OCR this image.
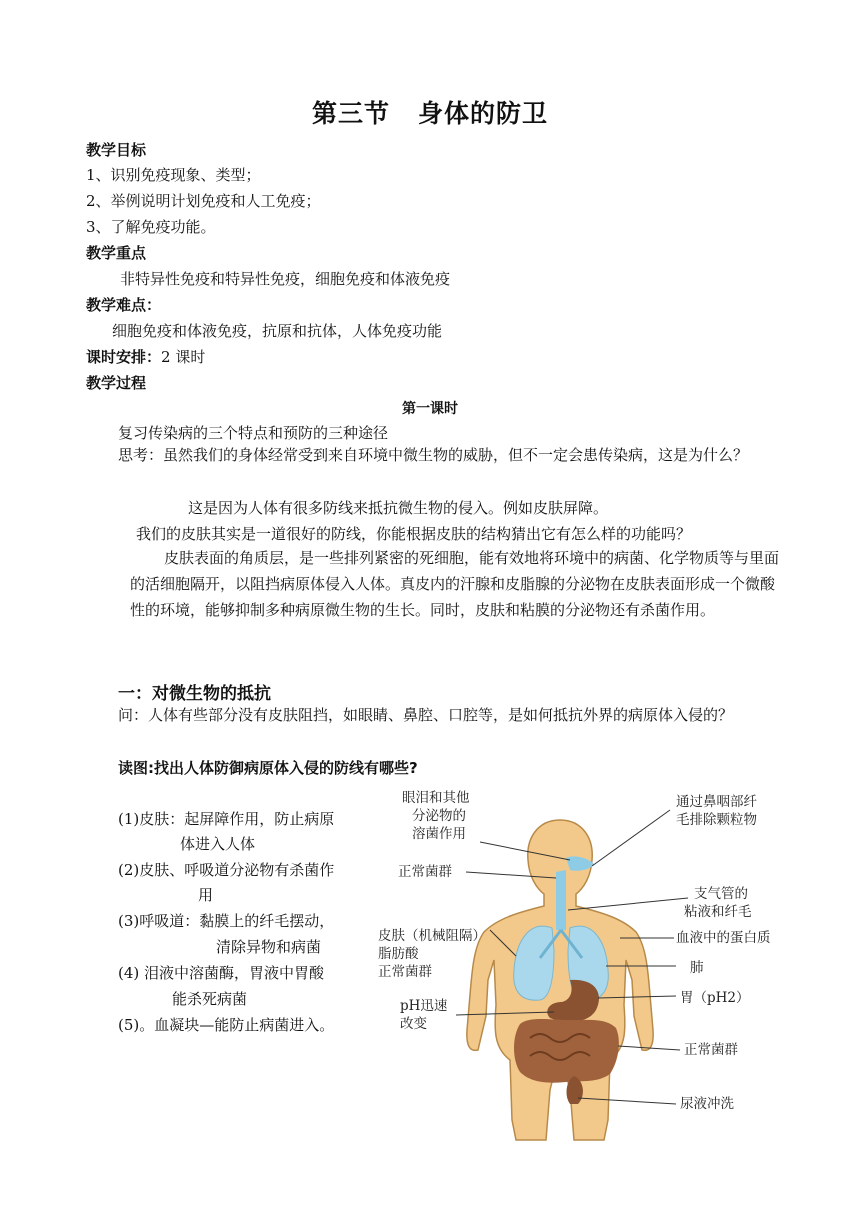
第三节 身体的防卫
教学目标
1、识别免疫现象、类型；
2、举例说明计划免疫和人工免疫；
3、了解免疫功能。
教学重点
非特异性免疫和特异性免疫，细胞免疫和体液免疫
教学难点：
细胞免疫和体液免疫，抗原和抗体，人体免疫功能
课时安排：2 课时
教学过程
第一课时
复习传染病的三个特点和预防的三种途径
思考：虽然我们的身体经常受到来自环境中微生物的威胁，但不一定会患传染病，这是为什么？
这是因为人体有很多防线来抵抗微生物的侵入。例如皮肤屏障。
我们的皮肤其实是一道很好的防线，你能根据皮肤的结构猜出它有怎么样的功能吗？
皮肤表面的角质层，是一些排列紧密的死细胞，能有效地将环境中的病菌、化学物质等与里面的活细胞隔开，以阻挡病原体侵入人体。真皮内的汗腺和皮脂腺的分泌物在皮肤表面形成一个微酸性的环境，能够抑制多种病原微生物的生长。同时，皮肤和粘膜的分泌物还有杀菌作用。
一：对微生物的抵抗
问：人体有些部分没有皮肤阻挡，如眼睛、鼻腔、口腔等，是如何抵抗外界的病原体入侵的？
读图:找出人体防御病原体入侵的防线有哪些?
(1)皮肤：起屏障作用，防止病原
体进入人体
(2)皮肤、呼吸道分泌物有杀菌作
用
(3)呼吸道：黏膜上的纤毛摆动，
清除异物和病菌
(4) 泪液中溶菌酶，胃液中胃酸
能杀死病菌
(5)。血凝块—能防止病菌进入。
眼泪和其他
分泌物的
溶菌作用
正常菌群
皮肤（机械阻隔）
脂肪酸
正常菌群
pH迅速
改变
通过鼻咽部纤
毛排除颗粒物
支气管的
粘液和纤毛
血液中的蛋白质
肺
胃（pH2）
正常菌群
尿液冲洗
